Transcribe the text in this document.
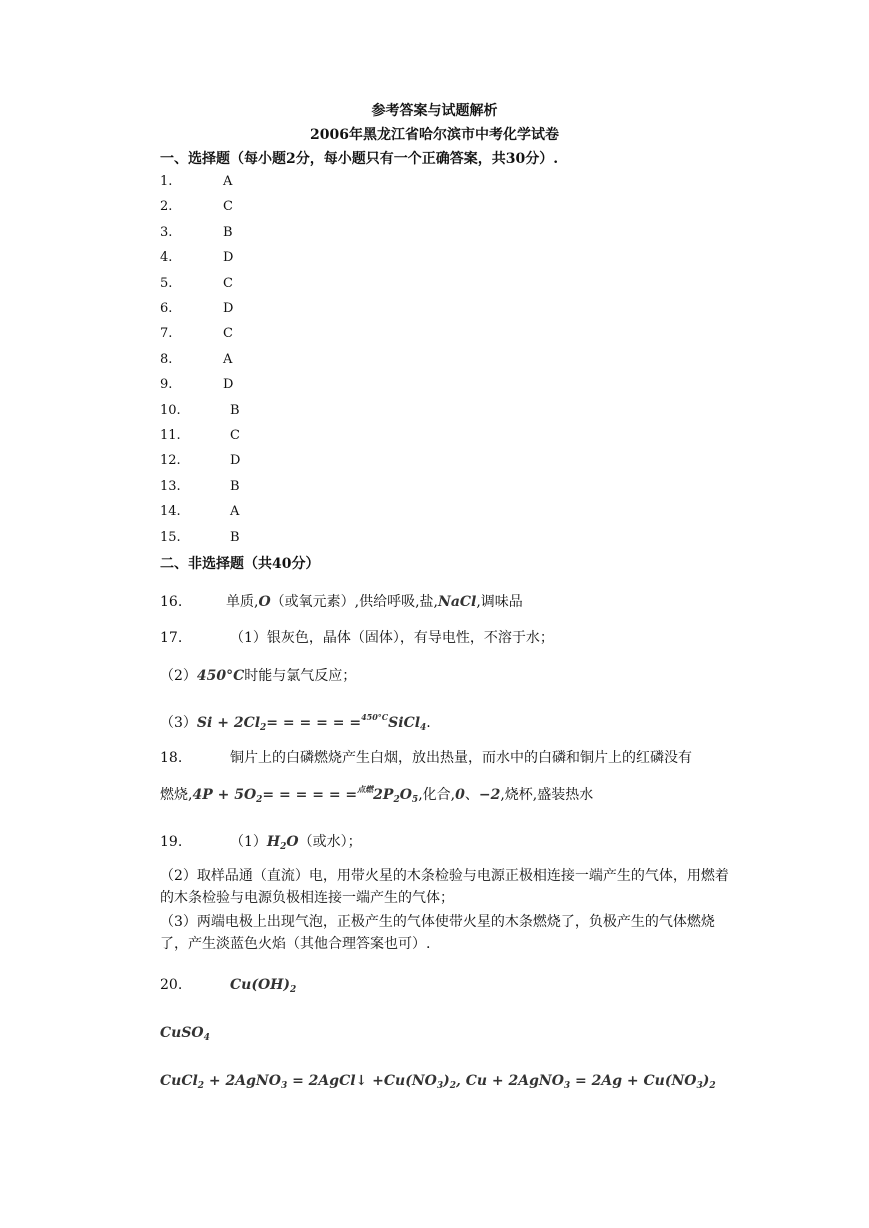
参考答案与试题解析
2006年黑龙江省哈尔滨市中考化学试卷
一、选择题（每小题2分，每小题只有一个正确答案，共30分）.
1.	A
2.	C
3.	B
4.	D
5.	C
6.	D
7.	C
8.	A
9.	D
10.	B
11.	C
12.	D
13.	B
14.	A
15.	B
二、非选择题（共40分）
16.	单质,O（或氧元素）,供给呼吸,盐,NaCl,调味品
17.	（1）银灰色，晶体（固体），有导电性，不溶于水；
（2）450°C时能与氯气反应；
$(3)Si + 2Cl_2=$ = = = = =$^{450^\circ C}$SiCl$_4$.
18.	铜片上的白磷燃烧产生白烟，放出热量，而水中的白磷和铜片上的红磷没有
燃烧$,4P + 5O_2=$ = = = = $=^{点燃}2P_2O_5$,化合,0、−2,烧杯,盛装热水
19.	$(1)H_2O$（或水）；
（2）取样品通（直流）电，用带火星的木条检验与电源正极相连接一端产生的气体，用燃着的木条检验与电源负极相连接一端产生的气体；
（3）两端电极上出现气泡，正极产生的气体使带火星的木条燃烧了，负极产生的气体燃烧了，产生淡蓝色火焰（其他合理答案也可）.
20.	$Cu(OH)_2$
CuSO$_4$
CuCl$_2$ + 2AgNO$_3$ = 2AgCl↓ $+Cu(NO_3)_2$, Cu + 2AgNO$_3$ = $2Ag + Cu(NO_3)_2$
